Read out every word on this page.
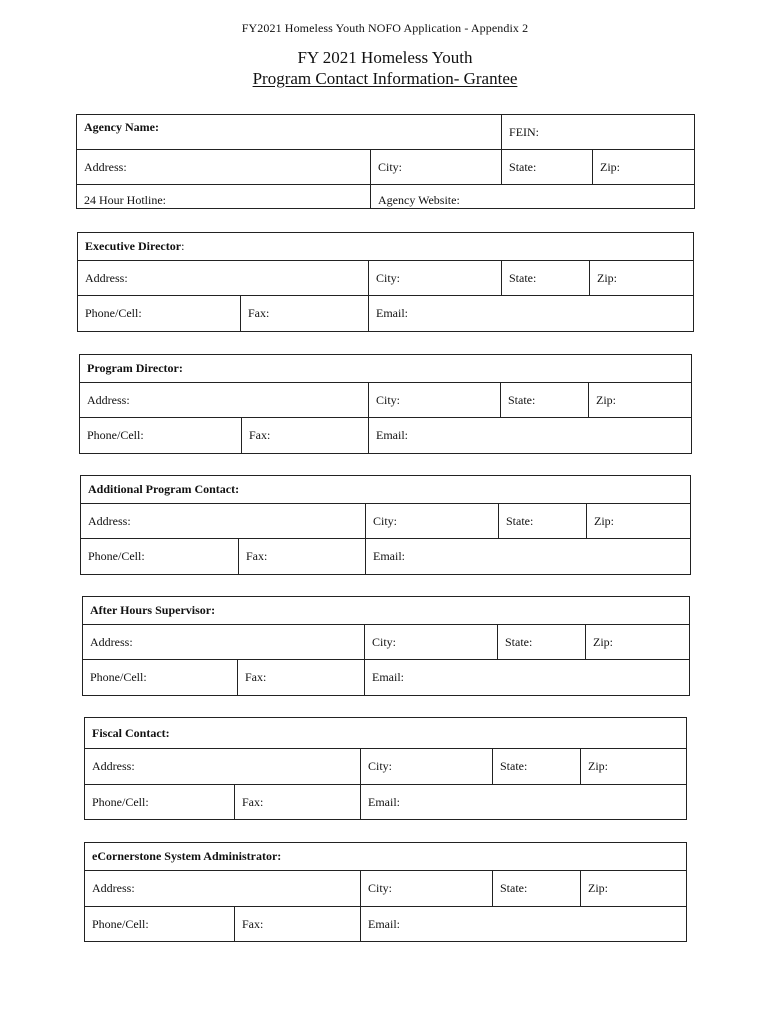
FY2021 Homeless Youth NOFO Application - Appendix 2
FY 2021 Homeless Youth
Program Contact Information- Grantee
Agency Name:		FEIN:	
Address:	City:	State:	Zip:
24 Hour Hotline:	Agency Website:		
Executive Director:				
Address:		City:	State:	Zip:
Phone/Cell:	Fax:	Email:		
Program Director:				
Address:		City:	State:	Zip:
Phone/Cell:	Fax:	Email:		
Additional Program Contact:				
Address:		City:	State:	Zip:
Phone/Cell:	Fax:	Email:		
After Hours Supervisor:				
Address:		City:	State:	Zip:
Phone/Cell:	Fax:	Email:		
Fiscal Contact:				
Address:		City:	State:	Zip:
Phone/Cell:	Fax:	Email:		
eCornerstone System Administrator:				
Address:		City:	State:	Zip:
Phone/Cell:	Fax:	Email:		
